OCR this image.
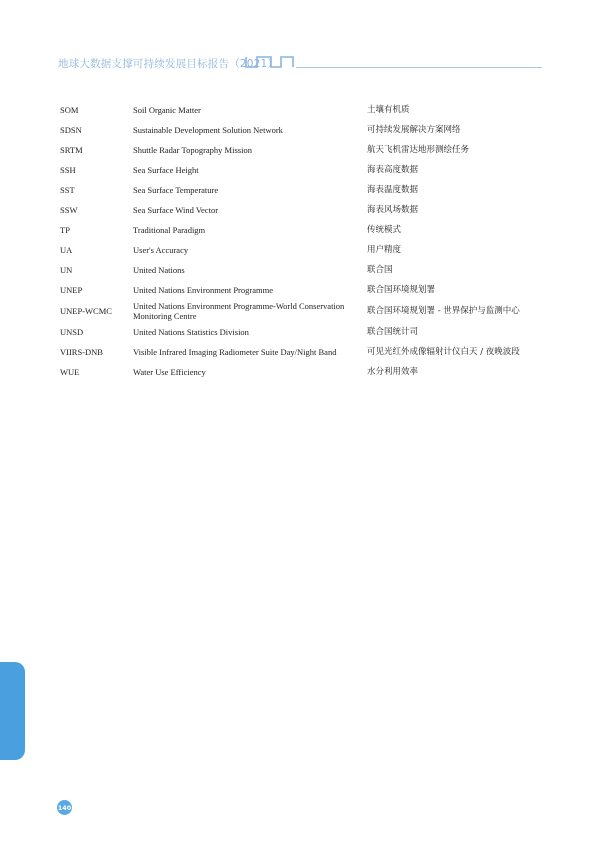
地球大数据支撑可持续发展目标报告（2021）
SOM	Soil Organic Matter	土壤有机质
SDSN	Sustainable Development Solution Network	可持续发展解决方案网络
SRTM	Shuttle Radar Topography Mission	航天飞机雷达地形测绘任务
SSH	Sea Surface Height	海表高度数据
SST	Sea Surface Temperature	海表温度数据
SSW	Sea Surface Wind Vector	海表风场数据
TP	Traditional Paradigm	传统模式
UA	User's Accuracy	用户精度
UN	United Nations	联合国
UNEP	United Nations Environment Programme	联合国环境规划署
UNEP-WCMC	United Nations Environment Programme-World Conservation Monitoring Centre	联合国环境规划署 - 世界保护与监测中心
UNSD	United Nations Statistics Division	联合国统计司
VIIRS-DNB	Visible Infrared Imaging Radiometer Suite Day/Night Band	可见光红外成像辐射计仪白天 / 夜晚波段
WUE	Water Use Efficiency	水分利用效率
140
